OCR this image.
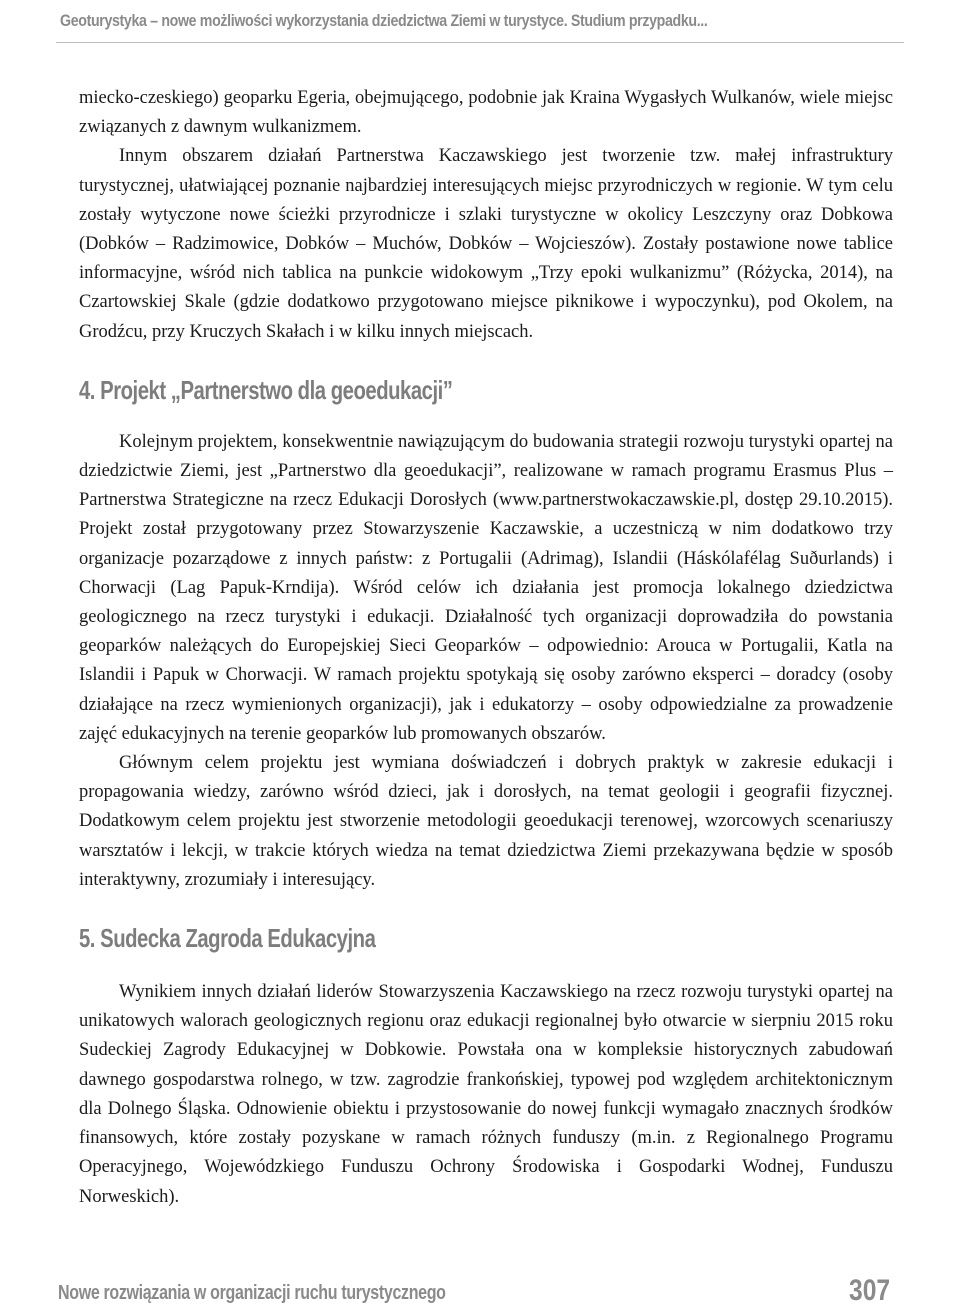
Geoturystyka – nowe możliwości wykorzystania dziedzictwa Ziemi w turystyce. Studium przypadku...

miecko-czeskiego) geoparku Egeria, obejmującego, podobnie jak Kraina Wygasłych Wulkanów, wiele miejsc związanych z dawnym wulkanizmem.

Innym obszarem działań Partnerstwa Kaczawskiego jest tworzenie tzw. małej infrastruktury turystycznej, ułatwiającej poznanie najbardziej interesujących miejsc przyrodniczych w regionie. W tym celu zostały wytyczone nowe ścieżki przyrodnicze i szlaki turystyczne w okolicy Leszczyny oraz Dobkowa (Dobków – Radzimowice, Dobków – Muchów, Dobków – Wojcieszów). Zostały postawione nowe tablice informacyjne, wśród nich tablica na punkcie widokowym „Trzy epoki wulkanizmu” (Różycka, 2014), na Czartowskiej Skale (gdzie dodatkowo przygotowano miejsce piknikowe i wypoczynku), pod Okolem, na Grodźcu, przy Kruczych Skałach i w kilku innych miejscach.

4. Projekt „Partnerstwo dla geoedukacji”

Kolejnym projektem, konsekwentnie nawiązującym do budowania strategii rozwoju turystyki opartej na dziedzictwie Ziemi, jest „Partnerstwo dla geoedukacji”, realizowane w ramach programu Erasmus Plus – Partnerstwa Strategiczne na rzecz Edukacji Dorosłych (www.partnerstwokaczawskie.pl, dostęp 29.10.2015). Projekt został przygotowany przez Stowarzyszenie Kaczawskie, a uczestniczą w nim dodatkowo trzy organizacje pozarządowe z innych państw: z Portugalii (Adrimag), Islandii (Háskólafélag Suðurlands) i Chorwacji (Lag Papuk-Krndija). Wśród celów ich działania jest promocja lokalnego dziedzictwa geologicznego na rzecz turystyki i edukacji. Działalność tych organizacji doprowadziła do powstania geoparków należących do Europejskiej Sieci Geoparków – odpowiednio: Arouca w Portugalii, Katla na Islandii i Papuk w Chorwacji. W ramach projektu spotykają się osoby zarówno eksperci – doradcy (osoby działające na rzecz wymienionych organizacji), jak i edukatorzy – osoby odpowiedzialne za prowadzenie zajęć edukacyjnych na terenie geoparków lub promowanych obszarów.

Głównym celem projektu jest wymiana doświadczeń i dobrych praktyk w zakresie edukacji i propagowania wiedzy, zarówno wśród dzieci, jak i dorosłych, na temat geologii i geografii fizycznej. Dodatkowym celem projektu jest stworzenie metodologii geoedukacji terenowej, wzorcowych scenariuszy warsztatów i lekcji, w trakcie których wiedza na temat dziedzictwa Ziemi przekazywana będzie w sposób interaktywny, zrozumiały i interesujący.

5. Sudecka Zagroda Edukacyjna

Wynikiem innych działań liderów Stowarzyszenia Kaczawskiego na rzecz rozwoju turystyki opartej na unikatowych walorach geologicznych regionu oraz edukacji regionalnej było otwarcie w sierpniu 2015 roku Sudeckiej Zagrody Edukacyjnej w Dobkowie. Powstała ona w kompleksie historycznych zabudowań dawnego gospodarstwa rolnego, w tzw. zagrodzie frankońskiej, typowej pod względem architektonicznym dla Dolnego Śląska. Odnowienie obiektu i przystosowanie do nowej funkcji wymagało znacznych środków finansowych, które zostały pozyskane w ramach różnych funduszy (m.in. z Regionalnego Programu Operacyjnego, Wojewódzkiego Funduszu Ochrony Środowiska i Gospodarki Wodnej, Funduszu Norweskich).

Nowe rozwiązania w organizacji ruchu turystycznego	307
